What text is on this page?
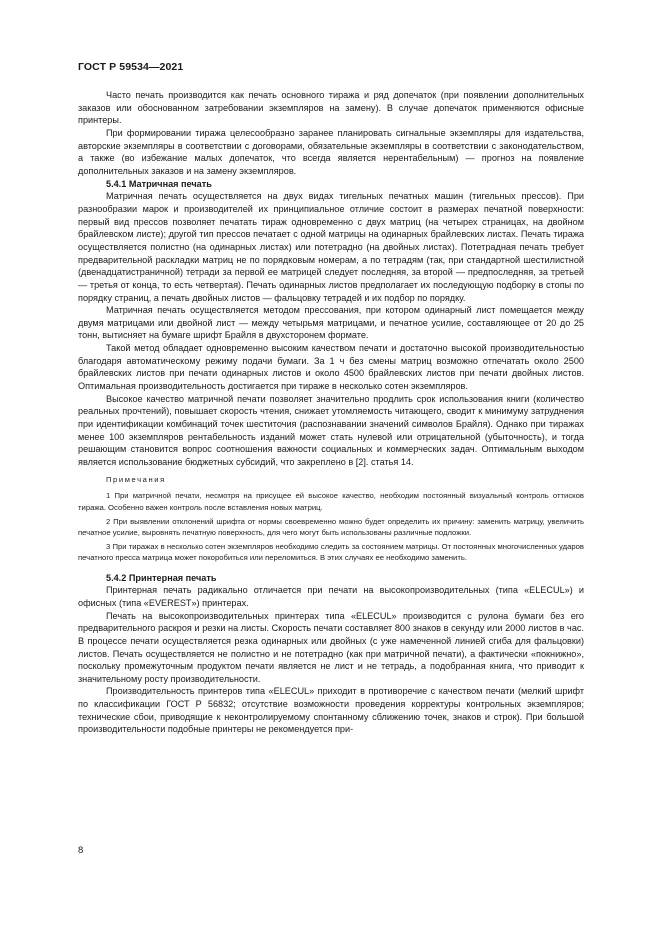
ГОСТ Р 59534—2021

Часто печать производится как печать основного тиража и ряд допечаток (при появлении дополнительных заказов или обоснованном затребовании экземпляров на замену). В случае допечаток применяются офисные принтеры.

При формировании тиража целесообразно заранее планировать сигнальные экземпляры для издательства, авторские экземпляры в соответствии с договорами, обязательные экземпляры в соответствии с законодательством, а также (во избежание малых допечаток, что всегда является нерентабельным) — прогноз на появление дополнительных заказов и на замену экземпляров.

5.4.1 Матричная печать

Матричная печать осуществляется на двух видах тигельных печатных машин (тигельных прессов). При разнообразии марок и производителей их принципиальное отличие состоит в размерах печатной поверхности: первый вид прессов позволяет печатать тираж одновременно с двух матриц (на четырех страницах, на двойном брайлевском листе); другой тип прессов печатает с одной матрицы на одинарных брайлевских листах. Печать тиража осуществляется полистно (на одинарных листах) или потетрадно (на двойных листах). Потетрадная печать требует предварительной раскладки матриц не по порядковым номерам, а по тетрадям (так, при стандартной шестилистной (двенадцатистраничной) тетради за первой ее матрицей следует последняя, за второй — предпоследняя, за третьей — третья от конца, то есть четвертая). Печать одинарных листов предполагает их последующую подборку в стопы по порядку страниц, а печать двойных листов — фальцовку тетрадей и их подбор по порядку.

Матричная печать осуществляется методом прессования, при котором одинарный лист помещается между двумя матрицами или двойной лист — между четырьмя матрицами, и печатное усилие, составляющее от 20 до 25 тонн, вытисняет на бумаге шрифт Брайля в двухсторонем формате.

Такой метод обладает одновременно высоким качеством печати и достаточно высокой производительностью благодаря автоматическому режиму подачи бумаги. За 1 ч без смены матриц возможно отпечатать около 2500 брайлевских листов при печати одинарных листов и около 4500 брайлевских листов при печати двойных листов. Оптимальная производительность достигается при тираже в несколько сотен экземпляров.

Высокое качество матричной печати позволяет значительно продлить срок использования книги (количество реальных прочтений), повышает скорость чтения, снижает утомляемость читающего, сводит к минимуму затруднения при идентификации комбинаций точек шеститочия (распознавании значений символов Брайля). Однако при тиражах менее 100 экземпляров рентабельность изданий может стать нулевой или отрицательной (убыточность), и тогда решающим становится вопрос соотношения важности социальных и коммерческих задач. Оптимальным выходом является использование бюджетных субсидий, что закреплено в [2]. статья 14.

Примечания

1 При матричной печати, несмотря на присущее ей высокое качество, необходим постоянный визуальный контроль оттисков тиража. Особенно важен контроль после вставления новых матриц.

2 При выявлении отклонений шрифта от нормы своевременно можно будет определить их причину: заменить матрицу, увеличить печатное усилие, выровнять печатную поверхность, для чего могут быть использованы различные подложки.

3 При тиражах в несколько сотен экземпляров необходимо следить за состоянием матрицы. От постоянных многочисленных ударов печатного пресса матрица может покоробиться или переломиться. В этих случаях ее необходимо заменить.

5.4.2 Принтерная печать

Принтерная печать радикально отличается при печати на высокопроизводительных (типа «ELECUL») и офисных (типа «EVEREST») принтерах.

Печать на высокопроизводительных принтерах типа «ELECUL» производится с рулона бумаги без его предварительного раскроя и резки на листы. Скорость печати составляет 800 знаков в секунду или 2000 листов в час. В процессе печати осуществляется резка одинарных или двойных (с уже намеченной линией сгиба для фальцовки) листов. Печать осуществляется не полистно и не потетрадно (как при матричной печати), а фактически «покнижно», поскольку промежуточным продуктом печати является не лист и не тетрадь, а подобранная книга, что приводит к значительному росту производительности.

Производительность принтеров типа «ELECUL» приходит в противоречие с качеством печати (мелкий шрифт по классификации ГОСТ Р 56832; отсутствие возможности проведения корректуры контрольных экземпляров; технические сбои, приводящие к неконтролируемому спонтанному сближению точек, знаков и строк). При большой производительности подобные принтеры не рекомендуется при-

8
